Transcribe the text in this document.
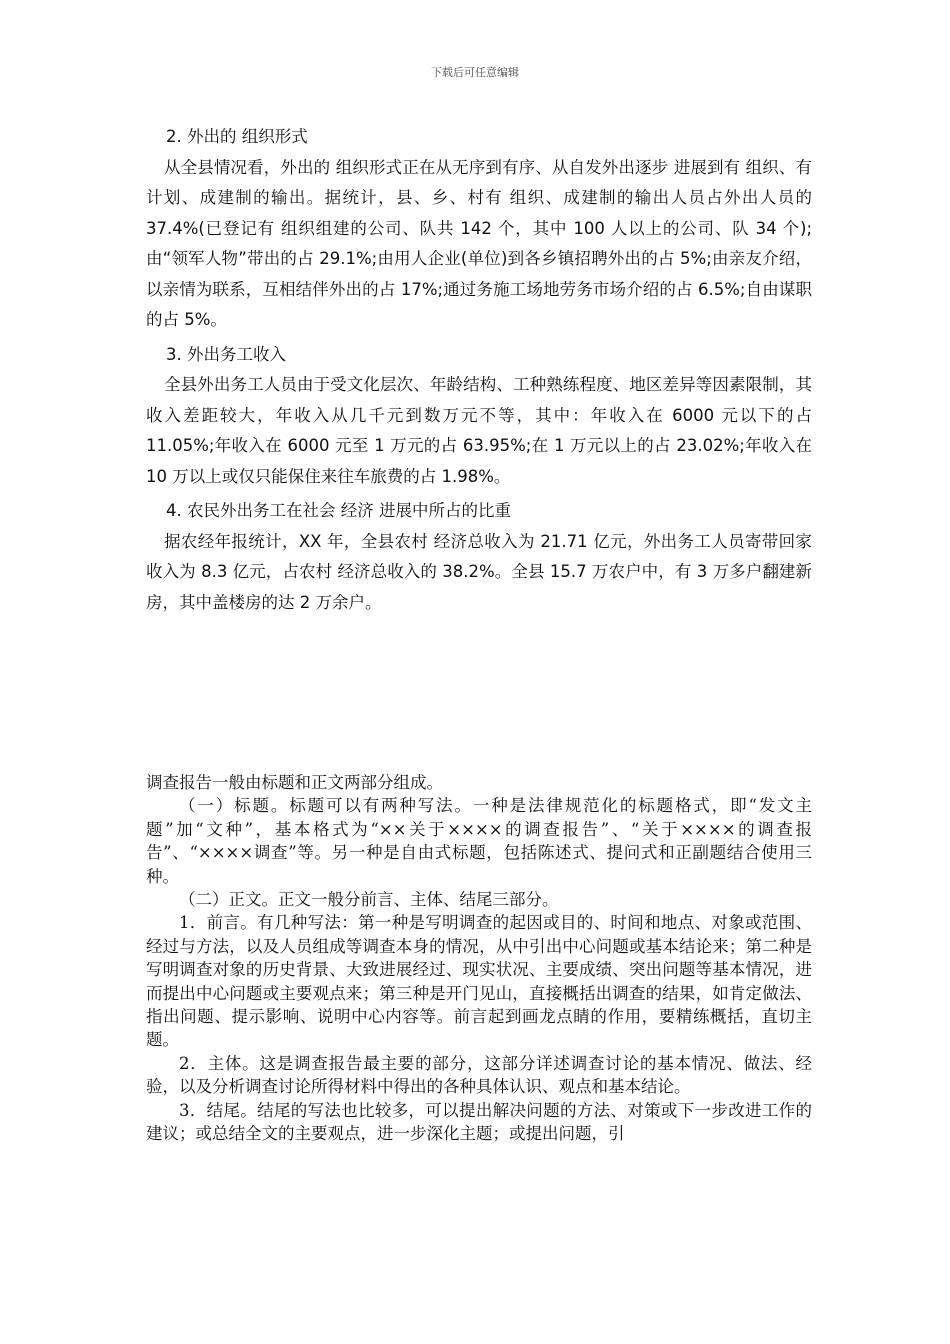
下载后可任意编辑

2. 外出的 组织形式

从全县情况看，外出的 组织形式正在从无序到有序、从自发外出逐步 进展到有 组织、有 计划、成建制的输出。据统计，县、乡、村有 组织、成建制的输出人员占外出人员的 37.4%(已登记有 组织组建的公司、队共 142 个，其中 100 人以上的公司、队 34 个);由“领军人物”带出的占 29.1%;由用人企业(单位)到各乡镇招聘外出的占 5%;由亲友介绍，以亲情为联系，互相结伴外出的占 17%;通过务施工场地劳务市场介绍的占 6.5%;自由谋职的占 5%。

3. 外出务工收入

全县外出务工人员由于受文化层次、年龄结构、工种熟练程度、地区差异等因素限制，其收入差距较大，年收入从几千元到数万元不等，其中：年收入在 6000 元以下的占 11.05%;年收入在 6000 元至 1 万元的占 63.95%;在 1 万元以上的占 23.02%;年收入在 10 万以上或仅只能保住来往车旅费的占 1.98%。

4. 农民外出务工在社会 经济 进展中所占的比重

据农经年报统计，XX 年，全县农村 经济总收入为 21.71 亿元，外出务工人员寄带回家收入为 8.3 亿元，占农村 经济总收入的 38.2%。全县 15.7 万农户中，有 3 万多户翻建新房，其中盖楼房的达 2 万余户。

调查报告一般由标题和正文两部分组成。

（一）标题。标题可以有两种写法。一种是法律规范化的标题格式，即“发文主题”加“文种”，基本格式为“××关于××××的调查报告”、“关于××××的调查报告”、“××××调查”等。另一种是自由式标题，包括陈述式、提问式和正副题结合使用三种。

（二）正文。正文一般分前言、主体、结尾三部分。

1．前言。有几种写法：第一种是写明调查的起因或目的、时间和地点、对象或范围、经过与方法，以及人员组成等调查本身的情况，从中引出中心问题或基本结论来；第二种是写明调查对象的历史背景、大致进展经过、现实状况、主要成绩、突出问题等基本情况，进而提出中心问题或主要观点来；第三种是开门见山，直接概括出调查的结果，如肯定做法、指出问题、提示影响、说明中心内容等。前言起到画龙点睛的作用，要精练概括，直切主题。

2．主体。这是调查报告最主要的部分，这部分详述调查讨论的基本情况、做法、经验，以及分析调查讨论所得材料中得出的各种具体认识、观点和基本结论。

3．结尾。结尾的写法也比较多，可以提出解决问题的方法、对策或下一步改进工作的建议；或总结全文的主要观点，进一步深化主题；或提出问题，引
